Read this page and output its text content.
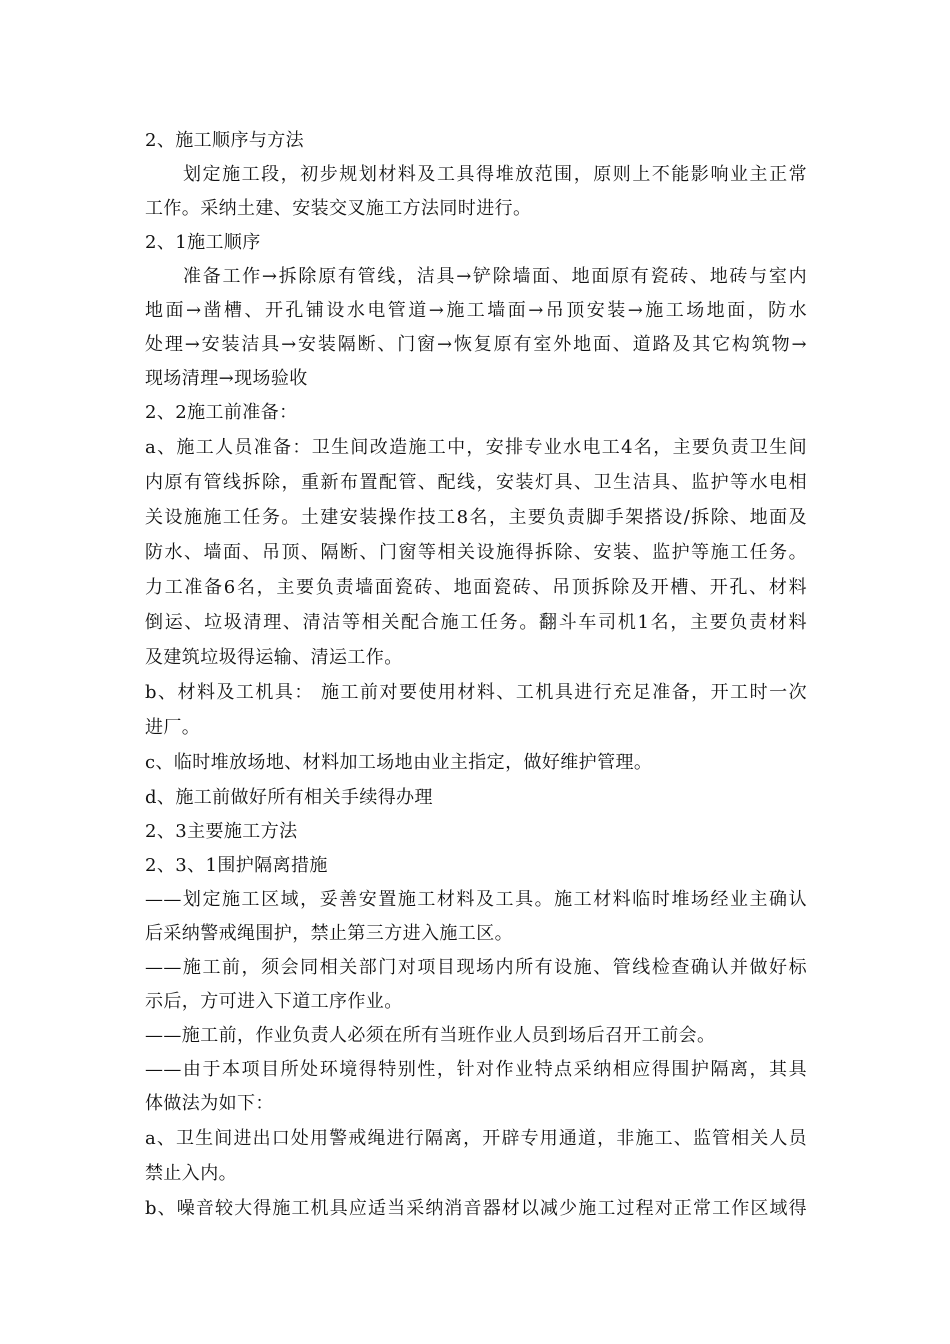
2、施工顺序与方法
划定施工段，初步规划材料及工具得堆放范围，原则上不能影响业主正常
工作。采纳土建、安装交叉施工方法同时进行。
2、1施工顺序
准备工作→拆除原有管线，洁具→铲除墙面、地面原有瓷砖、地砖与室内
地面→凿槽、开孔铺设水电管道→施工墙面→吊顶安装→施工场地面，防水
处理→安装洁具→安装隔断、门窗→恢复原有室外地面、道路及其它构筑物→
现场清理→现场验收
2、2施工前准备：
a、施工人员准备：卫生间改造施工中，安排专业水电工4名，主要负责卫生间
内原有管线拆除，重新布置配管、配线，安装灯具、卫生洁具、监护等水电相
关设施施工任务。土建安装操作技工8名，主要负责脚手架搭设/拆除、地面及
防水、墙面、吊顶、隔断、门窗等相关设施得拆除、安装、监护等施工任务。
力工准备6名，主要负责墙面瓷砖、地面瓷砖、吊顶拆除及开槽、开孔、材料
倒运、垃圾清理、清洁等相关配合施工任务。翻斗车司机1名，主要负责材料
及建筑垃圾得运输、清运工作。
b、材料及工机具： 施工前对要使用材料、工机具进行充足准备，开工时一次
进厂。
c、临时堆放场地、材料加工场地由业主指定，做好维护管理。
d、施工前做好所有相关手续得办理
2、3主要施工方法
2、3、1围护隔离措施
——划定施工区域，妥善安置施工材料及工具。施工材料临时堆场经业主确认
后采纳警戒绳围护，禁止第三方进入施工区。
——施工前，须会同相关部门对项目现场内所有设施、管线检查确认并做好标
示后，方可进入下道工序作业。
——施工前，作业负责人必须在所有当班作业人员到场后召开工前会。
——由于本项目所处环境得特别性，针对作业特点采纳相应得围护隔离，其具
体做法为如下：
a、卫生间进出口处用警戒绳进行隔离，开辟专用通道，非施工、监管相关人员
禁止入内。
b、噪音较大得施工机具应适当采纳消音器材以减少施工过程对正常工作区域得
